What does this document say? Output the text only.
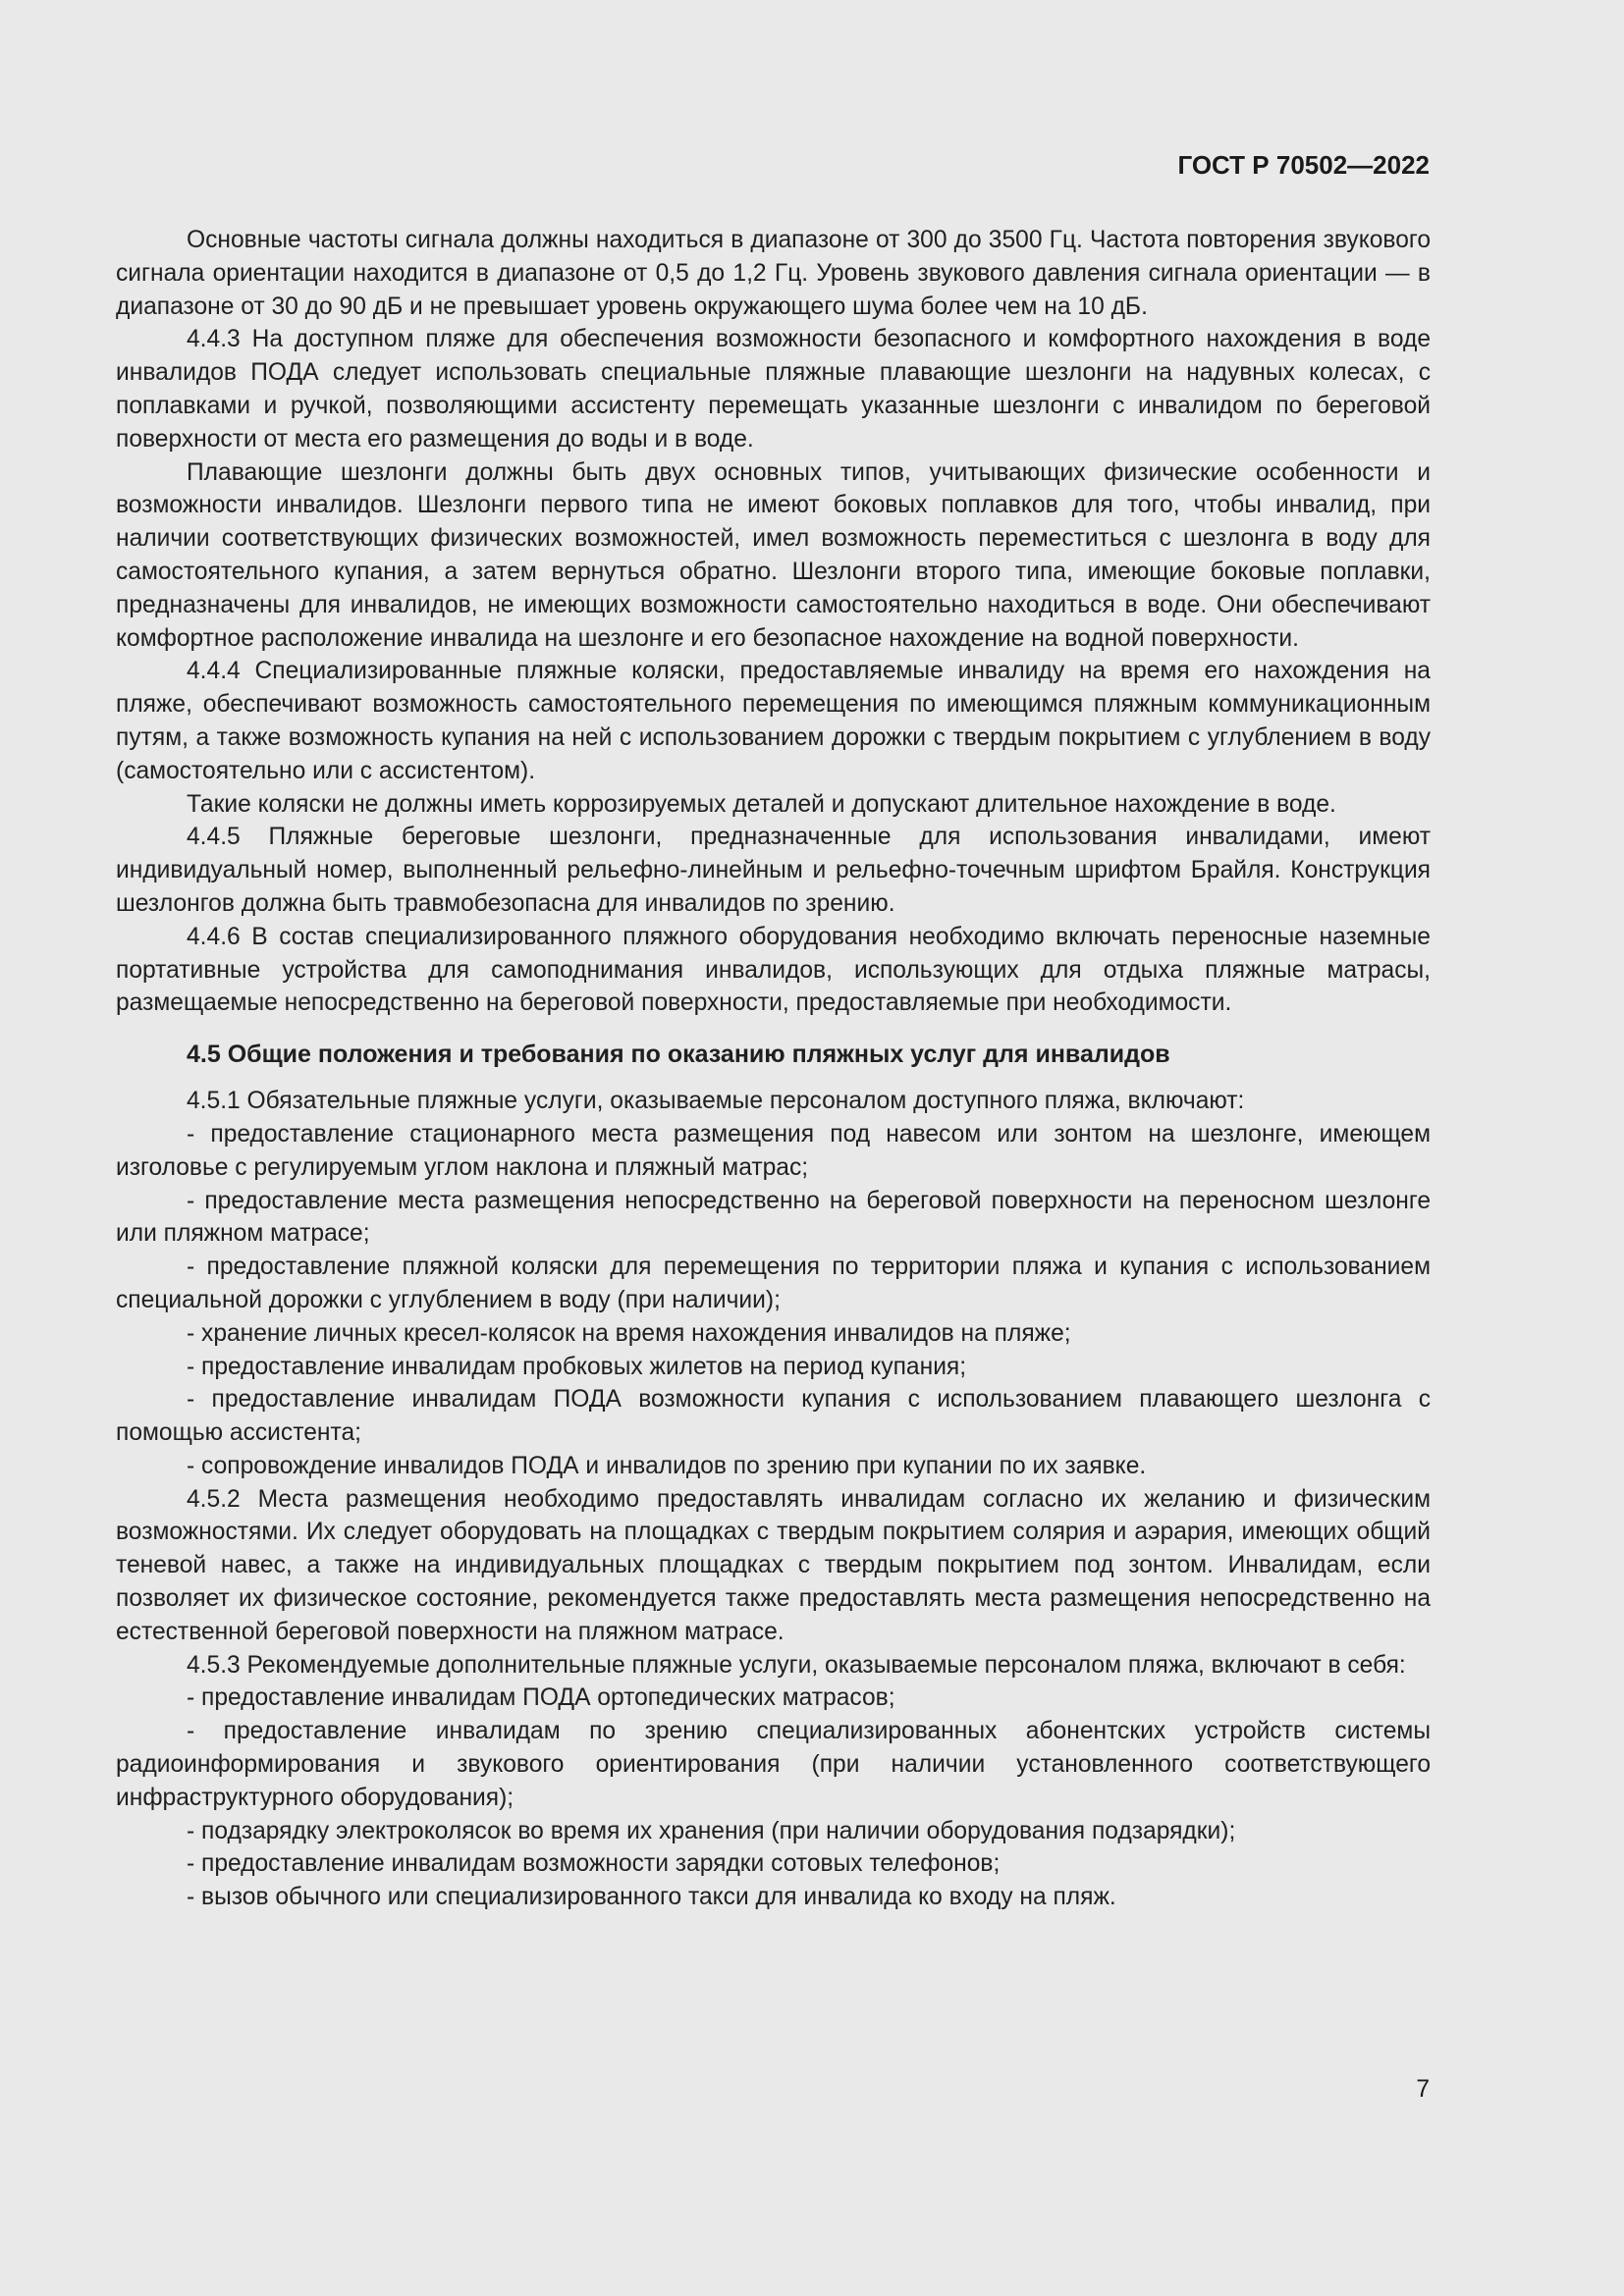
ГОСТ Р 70502—2022

Основные частоты сигнала должны находиться в диапазоне от 300 до 3500 Гц. Частота повторения звукового сигнала ориентации находится в диапазоне от 0,5 до 1,2 Гц. Уровень звукового давления сигнала ориентации — в диапазоне от 30 до 90 дБ и не превышает уровень окружающего шума более чем на 10 дБ.

4.4.3 На доступном пляже для обеспечения возможности безопасного и комфортного нахождения в воде инвалидов ПОДА следует использовать специальные пляжные плавающие шезлонги на надувных колесах, с поплавками и ручкой, позволяющими ассистенту перемещать указанные шезлонги с инвалидом по береговой поверхности от места его размещения до воды и в воде.

Плавающие шезлонги должны быть двух основных типов, учитывающих физические особенности и возможности инвалидов. Шезлонги первого типа не имеют боковых поплавков для того, чтобы инвалид, при наличии соответствующих физических возможностей, имел возможность переместиться с шезлонга в воду для самостоятельного купания, а затем вернуться обратно. Шезлонги второго типа, имеющие боковые поплавки, предназначены для инвалидов, не имеющих возможности самостоятельно находиться в воде. Они обеспечивают комфортное расположение инвалида на шезлонге и его безопасное нахождение на водной поверхности.

4.4.4 Специализированные пляжные коляски, предоставляемые инвалиду на время его нахождения на пляже, обеспечивают возможность самостоятельного перемещения по имеющимся пляжным коммуникационным путям, а также возможность купания на ней с использованием дорожки с твердым покрытием с углублением в воду (самостоятельно или с ассистентом).

Такие коляски не должны иметь коррозируемых деталей и допускают длительное нахождение в воде.

4.4.5 Пляжные береговые шезлонги, предназначенные для использования инвалидами, имеют индивидуальный номер, выполненный рельефно-линейным и рельефно-точечным шрифтом Брайля. Конструкция шезлонгов должна быть травмобезопасна для инвалидов по зрению.

4.4.6 В состав специализированного пляжного оборудования необходимо включать переносные наземные портативные устройства для самоподнимания инвалидов, использующих для отдыха пляжные матрасы, размещаемые непосредственно на береговой поверхности, предоставляемые при необходимости.

4.5 Общие положения и требования по оказанию пляжных услуг для инвалидов

4.5.1 Обязательные пляжные услуги, оказываемые персоналом доступного пляжа, включают:

- предоставление стационарного места размещения под навесом или зонтом на шезлонге, имеющем изголовье с регулируемым углом наклона и пляжный матрас;

- предоставление места размещения непосредственно на береговой поверхности на переносном шезлонге или пляжном матрасе;

- предоставление пляжной коляски для перемещения по территории пляжа и купания с использованием специальной дорожки с углублением в воду (при наличии);

- хранение личных кресел-колясок на время нахождения инвалидов на пляже;

- предоставление инвалидам пробковых жилетов на период купания;

- предоставление инвалидам ПОДА возможности купания с использованием плавающего шезлонга с помощью ассистента;

- сопровождение инвалидов ПОДА и инвалидов по зрению при купании по их заявке.

4.5.2 Места размещения необходимо предоставлять инвалидам согласно их желанию и физическим возможностями. Их следует оборудовать на площадках с твердым покрытием солярия и аэрария, имеющих общий теневой навес, а также на индивидуальных площадках с твердым покрытием под зонтом. Инвалидам, если позволяет их физическое состояние, рекомендуется также предоставлять места размещения непосредственно на естественной береговой поверхности на пляжном матрасе.

4.5.3 Рекомендуемые дополнительные пляжные услуги, оказываемые персоналом пляжа, включают в себя:

- предоставление инвалидам ПОДА ортопедических матрасов;

- предоставление инвалидам по зрению специализированных абонентских устройств системы радиоинформирования и звукового ориентирования (при наличии установленного соответствующего инфраструктурного оборудования);

- подзарядку электроколясок во время их хранения (при наличии оборудования подзарядки);

- предоставление инвалидам возможности зарядки сотовых телефонов;

- вызов обычного или специализированного такси для инвалида ко входу на пляж.

7
